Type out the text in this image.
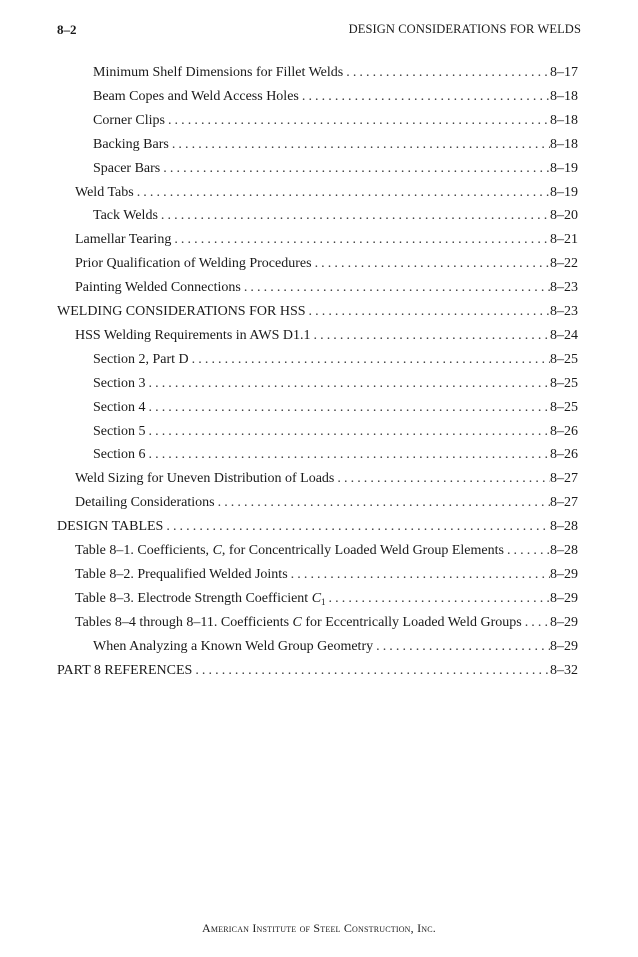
8–2	DESIGN CONSIDERATIONS FOR WELDS
Minimum Shelf Dimensions for Fillet Welds . . .	8–17
Beam Copes and Weld Access Holes . . .	8–18
Corner Clips . . .	8–18
Backing Bars . . .	8–18
Spacer Bars . . .	8–19
Weld Tabs . . .	8–19
Tack Welds . . .	8–20
Lamellar Tearing . . .	8–21
Prior Qualification of Welding Procedures . . .	8–22
Painting Welded Connections . . .	8–23
WELDING CONSIDERATIONS FOR HSS . . .	8–23
HSS Welding Requirements in AWS D1.1 . . .	8–24
Section 2, Part D . . .	8–25
Section 3 . . .	8–25
Section 4 . . .	8–25
Section 5 . . .	8–26
Section 6 . . .	8–26
Weld Sizing for Uneven Distribution of Loads . . .	8–27
Detailing Considerations . . .	8–27
DESIGN TABLES . . .	8–28
Table 8–1. Coefficients, C, for Concentrically Loaded Weld Group Elements . . .	8–28
Table 8–2. Prequalified Welded Joints . . .	8–29
Table 8–3. Electrode Strength Coefficient $C_1$ . . .	8–29
Tables 8–4 through 8–11. Coefficients C for Eccentrically Loaded Weld Groups . . . 8–29
When Analyzing a Known Weld Group Geometry . . .	8–29
PART 8 REFERENCES . . .	8–32
American Institute of Steel Construction, Inc.
